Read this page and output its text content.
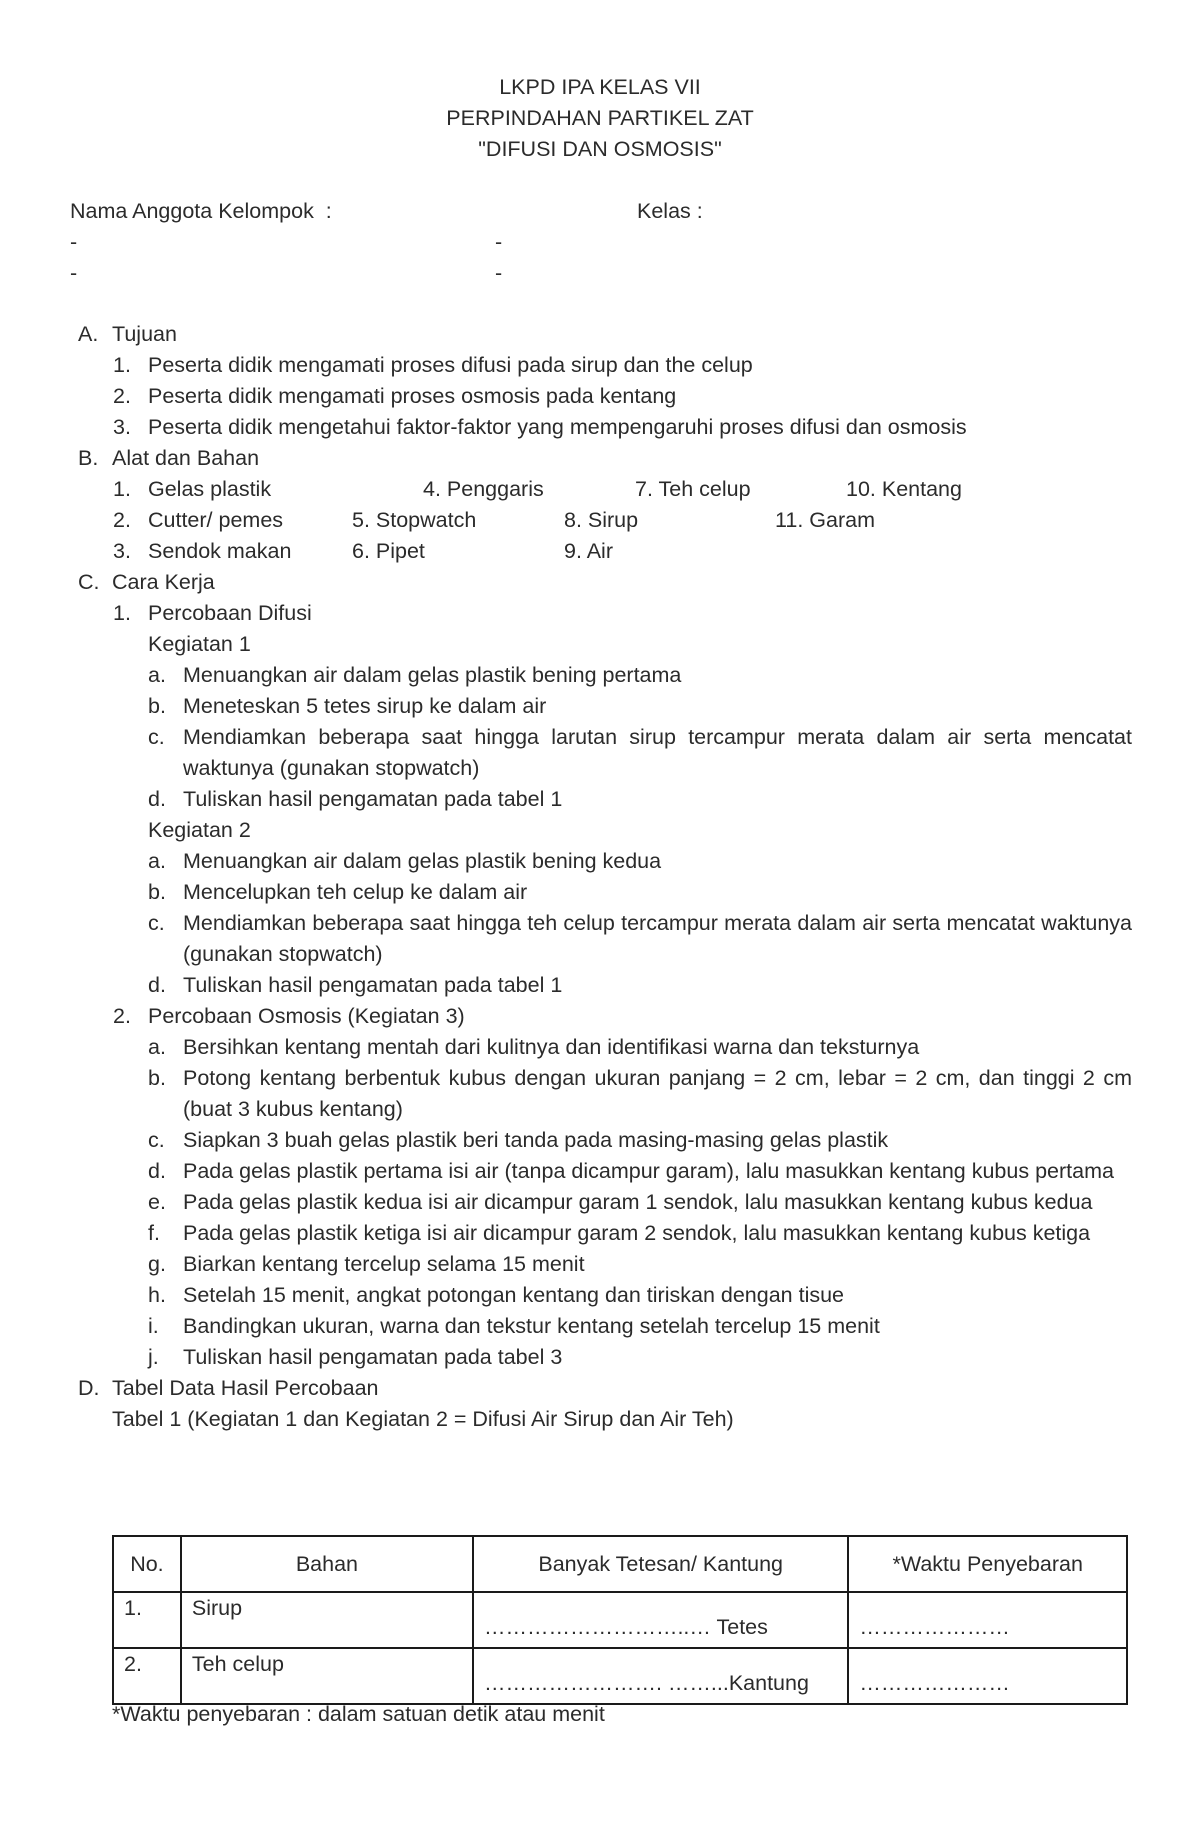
LKPD IPA KELAS VII
PERPINDAHAN PARTIKEL ZAT
"DIFUSI DAN OSMOSIS"
Nama Anggota Kelompok  :	Kelas :
-	-
-	-
A. Tujuan
1. Peserta didik mengamati proses difusi pada sirup dan the celup
2. Peserta didik mengamati proses osmosis pada kentang
3. Peserta didik mengetahui faktor-faktor yang mempengaruhi proses difusi dan osmosis
B. Alat dan Bahan
1. Gelas plastik	4. Penggaris	7. Teh celup	10. Kentang
2. Cutter/ pemes	5. Stopwatch	8. Sirup	11. Garam
3. Sendok makan	6. Pipet	9. Air
C. Cara Kerja
1. Percobaan Difusi
Kegiatan 1
a. Menuangkan air dalam gelas plastik bening pertama
b. Meneteskan 5 tetes sirup ke dalam air
c. Mendiamkan beberapa saat hingga larutan sirup tercampur merata dalam air serta mencatat waktunya (gunakan stopwatch)
d. Tuliskan hasil pengamatan pada tabel 1
Kegiatan 2
a. Menuangkan air dalam gelas plastik bening kedua
b. Mencelupkan teh celup ke dalam air
c. Mendiamkan beberapa saat hingga teh celup tercampur merata dalam air serta mencatat waktunya (gunakan stopwatch)
d. Tuliskan hasil pengamatan pada tabel 1
2. Percobaan Osmosis (Kegiatan 3)
a. Bersihkan kentang mentah dari kulitnya dan identifikasi warna dan teksturnya
b. Potong kentang berbentuk kubus dengan ukuran panjang = 2 cm, lebar = 2 cm, dan tinggi 2 cm (buat 3 kubus kentang)
c. Siapkan 3 buah gelas plastik beri tanda pada masing-masing gelas plastik
d. Pada gelas plastik pertama isi air (tanpa dicampur garam), lalu masukkan kentang kubus pertama
e. Pada gelas plastik kedua isi air dicampur garam 1 sendok, lalu masukkan kentang kubus kedua
f. Pada gelas plastik ketiga isi air dicampur garam 2 sendok, lalu masukkan kentang kubus ketiga
g. Biarkan kentang tercelup selama 15 menit
h. Setelah 15 menit, angkat potongan kentang dan tiriskan dengan tisue
i. Bandingkan ukuran, warna dan tekstur kentang setelah tercelup 15 menit
j. Tuliskan hasil pengamatan pada tabel 3
D. Tabel Data Hasil Percobaan
Tabel 1 (Kegiatan 1 dan Kegiatan 2 = Difusi Air Sirup dan Air Teh)
No.	Bahan	Banyak Tetesan/ Kantung	*Waktu Penyebaran
1.	Sirup	………………………..… Tetes	…………………
2.	Teh celup	……………………. ……...Kantung	…………………
*Waktu penyebaran : dalam satuan detik atau menit
